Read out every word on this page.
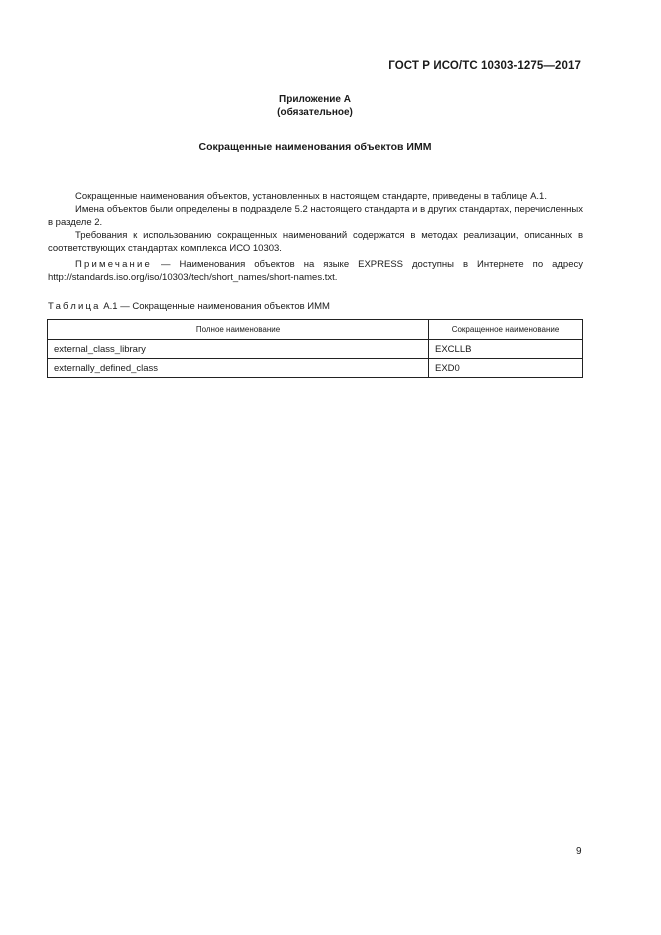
ГОСТ Р ИСО/ТС 10303-1275—2017
Приложение А
(обязательное)
Сокращенные наименования объектов ИММ

Сокращенные наименования объектов, установленных в настоящем стандарте, приведены в таблице А.1.

Имена объектов были определены в подразделе 5.2 настоящего стандарта и в других стандартах, перечисленных в разделе 2.

Требования к использованию сокращенных наименований содержатся в методах реализации, описанных в соответствующих стандартах комплекса ИСО 10303.

Примечание — Наименования объектов на языке EXPRESS доступны в Интернете по адресу http://standards.iso.org/iso/10303/tech/short_names/short-names.txt.

Таблица А.1 — Сокращенные наименования объектов ИММ
Полное наименование	Сокращенное наименование
external_class_library	EXCLLB
externally_defined_class	EXD0
9
